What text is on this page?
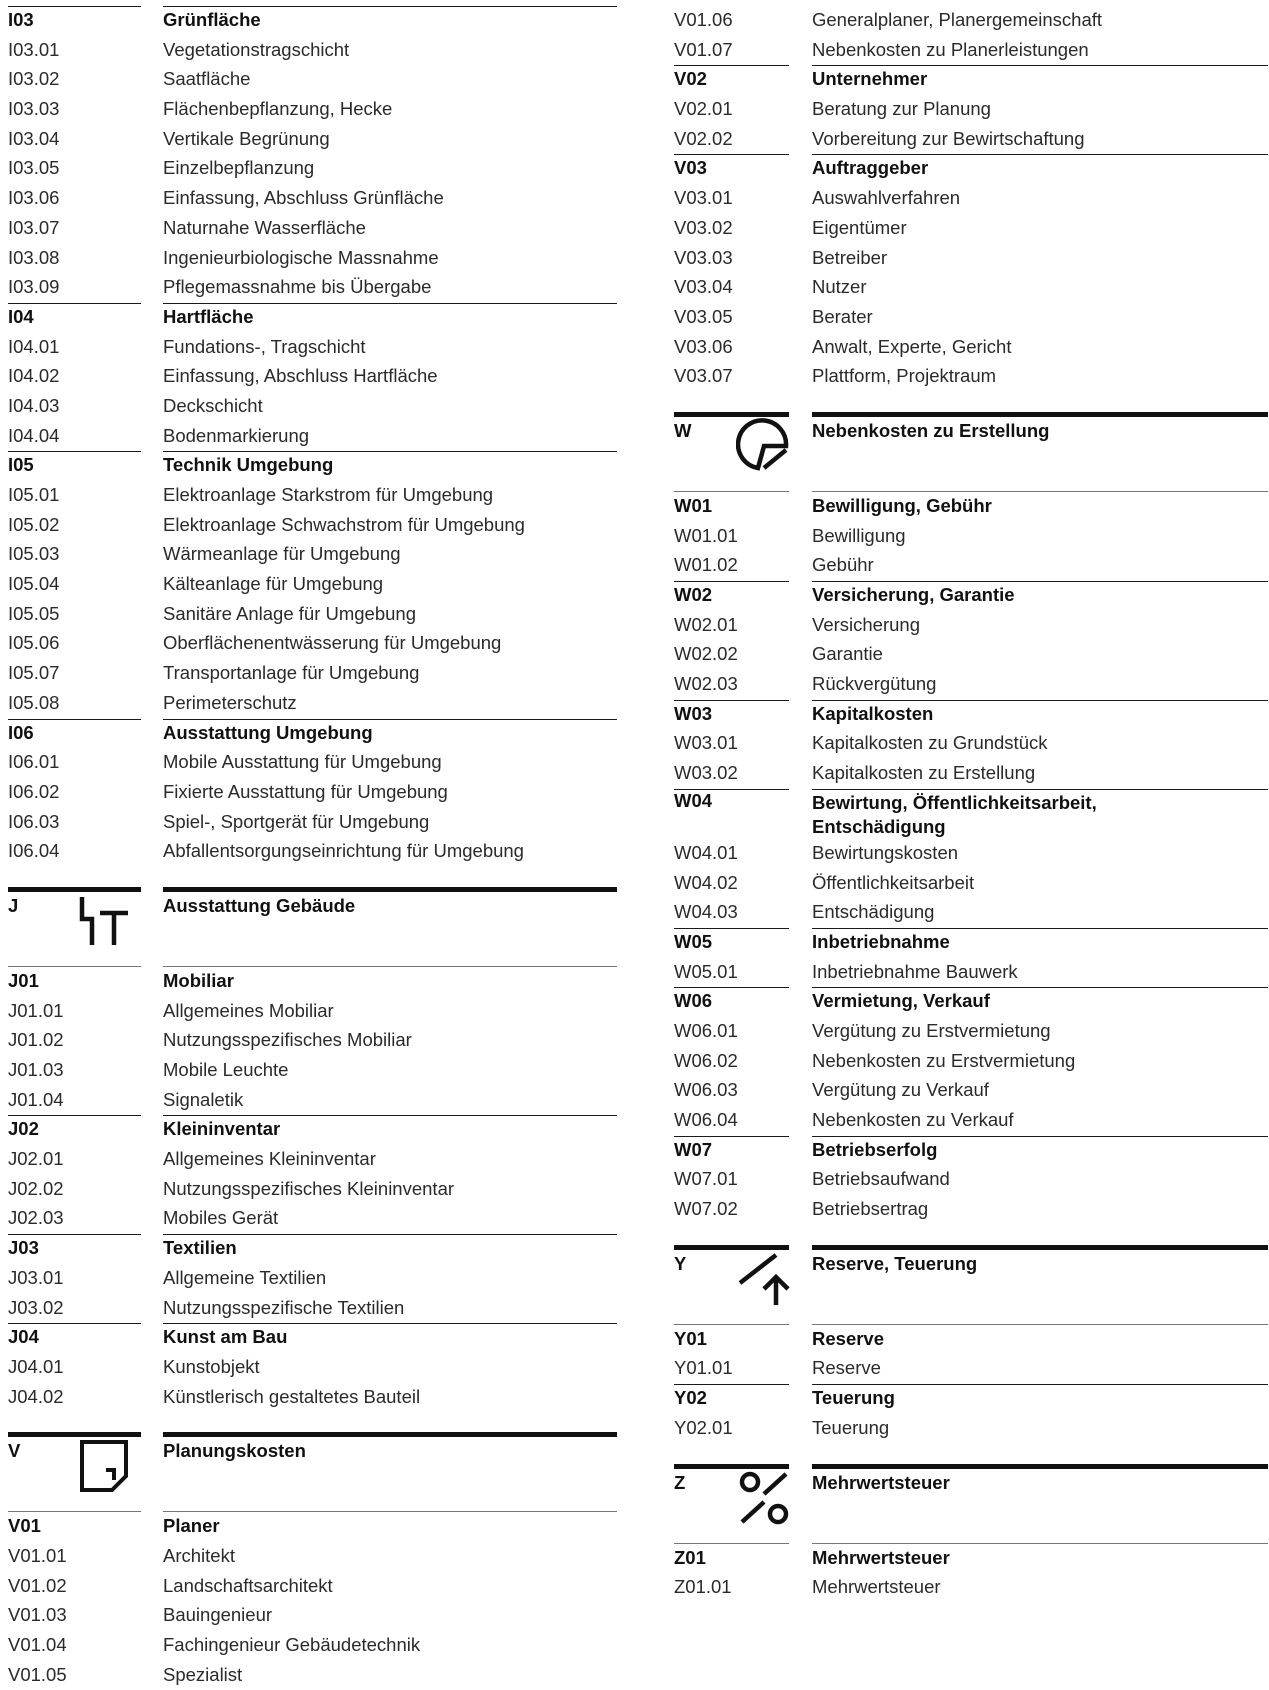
I03	Grünfläche
I03.01	Vegetationstragschicht
I03.02	Saatfläche
I03.03	Flächenbepflanzung, Hecke
I03.04	Vertikale Begrünung
I03.05	Einzelbepflanzung
I03.06	Einfassung, Abschluss Grünfläche
I03.07	Naturnahe Wasserfläche
I03.08	Ingenieurbiologische Massnahme
I03.09	Pflegemassnahme bis Übergabe
I04	Hartfläche
I04.01	Fundations-, Tragschicht
I04.02	Einfassung, Abschluss Hartfläche
I04.03	Deckschicht
I04.04	Bodenmarkierung
I05	Technik Umgebung
I05.01	Elektroanlage Starkstrom für Umgebung
I05.02	Elektroanlage Schwachstrom für Umgebung
I05.03	Wärmeanlage für Umgebung
I05.04	Kälteanlage für Umgebung
I05.05	Sanitäre Anlage für Umgebung
I05.06	Oberflächenentwässerung für Umgebung
I05.07	Transportanlage für Umgebung
I05.08	Perimeterschutz
I06	Ausstattung Umgebung
I06.01	Mobile Ausstattung für Umgebung
I06.02	Fixierte Ausstattung für Umgebung
I06.03	Spiel-, Sportgerät für Umgebung
I06.04	Abfallentsorgungseinrichtung für Umgebung
J	Ausstattung Gebäude
J01	Mobiliar
J01.01	Allgemeines Mobiliar
J01.02	Nutzungsspezifisches Mobiliar
J01.03	Mobile Leuchte
J01.04	Signaletik
J02	Kleininventar
J02.01	Allgemeines Kleininventar
J02.02	Nutzungsspezifisches Kleininventar
J02.03	Mobiles Gerät
J03	Textilien
J03.01	Allgemeine Textilien
J03.02	Nutzungsspezifische Textilien
J04	Kunst am Bau
J04.01	Kunstobjekt
J04.02	Künstlerisch gestaltetes Bauteil
V	Planungskosten
V01	Planer
V01.01	Architekt
V01.02	Landschaftsarchitekt
V01.03	Bauingenieur
V01.04	Fachingenieur Gebäudetechnik
V01.05	Spezialist
V01.06	Generalplaner, Planergemeinschaft
V01.07	Nebenkosten zu Planerleistungen
V02	Unternehmer
V02.01	Beratung zur Planung
V02.02	Vorbereitung zur Bewirtschaftung
V03	Auftraggeber
V03.01	Auswahlverfahren
V03.02	Eigentümer
V03.03	Betreiber
V03.04	Nutzer
V03.05	Berater
V03.06	Anwalt, Experte, Gericht
V03.07	Plattform, Projektraum
W	Nebenkosten zu Erstellung
W01	Bewilligung, Gebühr
W01.01	Bewilligung
W01.02	Gebühr
W02	Versicherung, Garantie
W02.01	Versicherung
W02.02	Garantie
W02.03	Rückvergütung
W03	Kapitalkosten
W03.01	Kapitalkosten zu Grundstück
W03.02	Kapitalkosten zu Erstellung
W04	Bewirtung, Öffentlichkeitsarbeit, Entschädigung
W04.01	Bewirtungskosten
W04.02	Öffentlichkeitsarbeit
W04.03	Entschädigung
W05	Inbetriebnahme
W05.01	Inbetriebnahme Bauwerk
W06	Vermietung, Verkauf
W06.01	Vergütung zu Erstvermietung
W06.02	Nebenkosten zu Erstvermietung
W06.03	Vergütung zu Verkauf
W06.04	Nebenkosten zu Verkauf
W07	Betriebserfolg
W07.01	Betriebsaufwand
W07.02	Betriebsertrag
Y	Reserve, Teuerung
Y01	Reserve
Y01.01	Reserve
Y02	Teuerung
Y02.01	Teuerung
Z	Mehrwertsteuer
Z01	Mehrwertsteuer
Z01.01	Mehrwertsteuer
